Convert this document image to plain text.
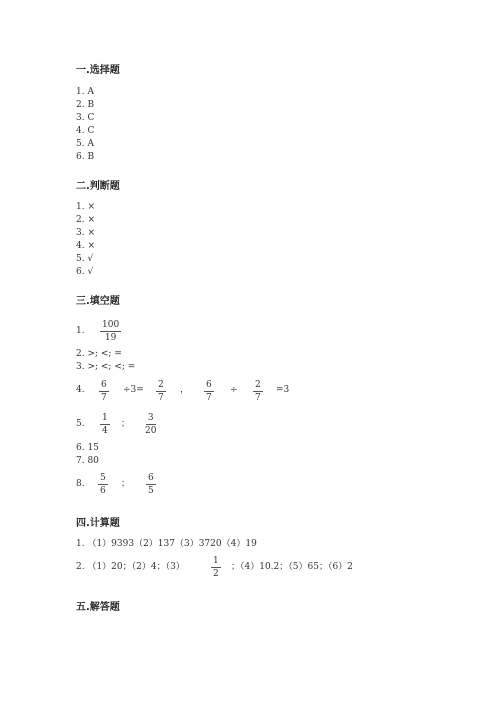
一.选择题
1. A
2. B
3. C
4. C
5. A
6. B
二.判断题
1. ×
2. ×
3. ×
4. ×
5. √
6. √
三.填空题
1. $\frac{100}{19}$
2. >; <; =
3. >; <; <; =
4. $\frac{6}{7} \div 3= \frac{2}{7}$ ， $\frac{6}{7} \div \frac{2}{7} =3$
5. $\frac{1}{4}$ ； $\frac{3}{20}$
6. 15
7. 80
8. $\frac{5}{6}$ ； $\frac{6}{5}$
四.计算题
1. （1）9393（2）137（3）3720（4）19
2. （1）20；（2）4；（3）	$\frac{1}{2}$ ；（4）10.2；（5）65；（6）2
五.解答题
